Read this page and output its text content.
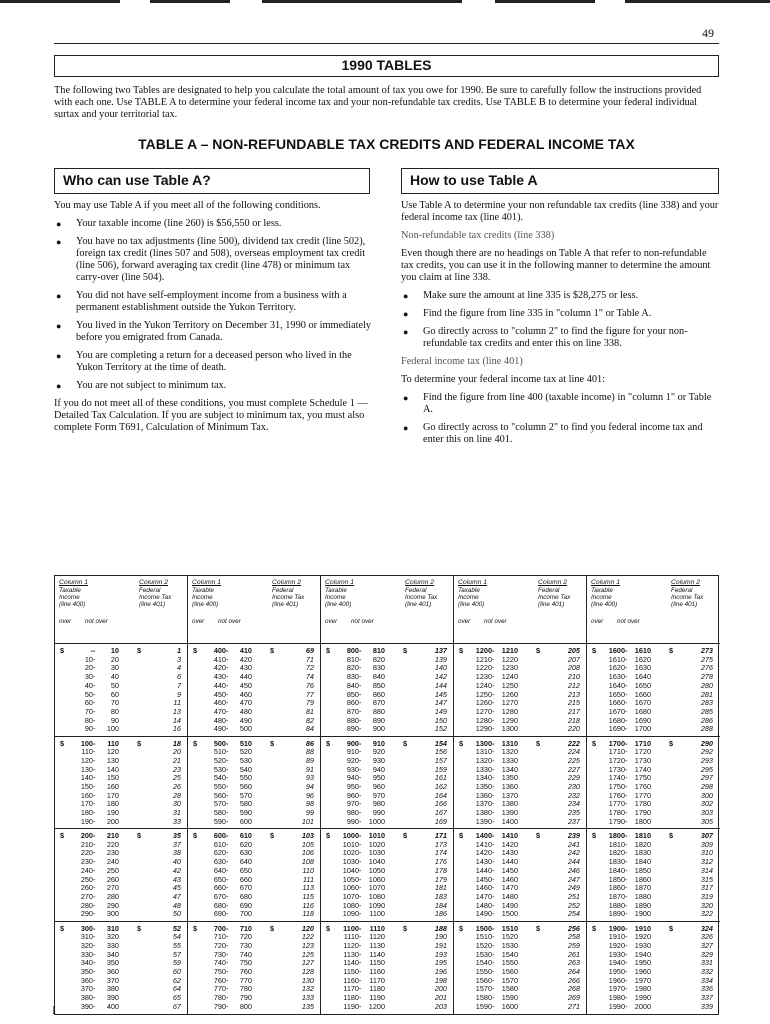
49
1990 TABLES
The following two Tables are designated to help you calculate the total amount of tax you owe for 1990. Be sure to carefully follow the instructions provided with each one. Use TABLE A to determine your federal income tax and your non-refundable tax credits. Use TABLE B to determine your federal individual surtax and your territorial tax.
TABLE A – NON-REFUNDABLE TAX CREDITS AND FEDERAL INCOME TAX
Who can use Table A?	How to use Table A
You may use Table A if you meet all of the following conditions.
● Your taxable income (line 260) is $56,550 or less.
● You have no tax adjustments (line 500), dividend tax credit (line 502), foreign tax credit (lines 507 and 508), overseas employment tax credit (line 506), forward averaging tax credit (line 478) or minimum tax carry-over (line 504).
● You did not have self-employment income from a business with a permanent establishment outside the Yukon Territory.
● You lived in the Yukon Territory on December 31, 1990 or immediately before you emigrated from Canada.
● You are completing a return for a deceased person who lived in the Yukon Territory at the time of death.
● You are not subject to minimum tax.
If you do not meet all of these conditions, you must complete Schedule 1 — Detailed Tax Calculation. If you are subject to minimum tax, you must also complete Form T691, Calculation of Minimum Tax.
Use Table A to determine your non refundable tax credits (line 338) and your federal income tax (line 401).
Non-refundable tax credits (line 338)
Even though there are no headings on Table A that refer to non-refundable tax credits, you can use it in the following manner to determine the amount you claim at line 338.
● Make sure the amount at line 335 is $28,275 or less.
● Find the figure from line 335 in "column 1" or Table A.
● Go directly across to "column 2" to find the figure for your non-refundable tax credits and enter this on line 338.
Federal income tax (line 401)
To determine your federal income tax at line 401:
● Find the figure from line 400 (taxable income) in "column 1" or Table A.
● Go directly across to "column 2" to find you federal income tax and enter this on line 401.
Column 1
Taxable
Income
(line 400)
Column 2
Federal
Income Tax
(line 401)
over not over
$	$
- -	10	1
10 -	20	3
20 -	30	4
30 -	40	6
40 -	50	7
50 -	60	9
60 -	70	11
70 -	80	13
80 -	90	14
90 -	100	16
$	$
100 -	110	18
110 -	120	20
120 -	130	21
130 -	140	23
140 -	150	25
150 -	160	26
160 -	170	28
170 -	180	30
180 -	190	31
190 -	200	33
$	$
200 -	210	35
210 -	220	37
220 -	230	38
230 -	240	40
240 -	250	42
250 -	260	43
260 -	270	45
270 -	280	47
280 -	290	48
290 -	300	50
$	$
300 -	310	52
310 -	320	54
320 -	330	55
330 -	340	57
340 -	350	59
350 -	360	60
360 -	370	62
370 -	380	64
380 -	390	65
390 -	400	67
Column 1
Taxable
Income
(line 400)
Column 2
Federal
Income Tax
(line 401)
over not over
$	$
400 -	410	69
410 -	420	71
420 -	430	72
430 -	440	74
440 -	450	76
450 -	460	77
460 -	470	79
470 -	480	81
480 -	490	82
490 -	500	84
$	$
500 -	510	86
510 -	520	88
520 -	530	89
530 -	540	91
540 -	550	93
550 -	560	94
560 -	570	96
570 -	580	98
580 -	590	99
590 -	600	101
$	$
600 -	610	103
610 -	620	105
620 -	630	106
630 -	640	108
640 -	650	110
650 -	660	111
660 -	670	113
670 -	680	115
680 -	690	116
690 -	700	118
$	$
700 -	710	120
710 -	720	122
720 -	730	123
730 -	740	125
740 -	750	127
750 -	760	128
760 -	770	130
770 -	780	132
780 -	790	133
790 -	800	135
Column 1
Taxable
Income
(line 400)
Column 2
Federal
Income Tax
(line 401)
over not over
$	$
800 -	810	137
810 -	820	139
820 -	830	140
830 -	840	142
840 -	850	144
850 -	860	145
860 -	870	147
870 -	880	149
880 -	890	150
890 -	900	152
$	$
900 -	910	154
910 -	920	156
920 -	930	157
930 -	940	159
940 -	950	161
950 -	960	162
960 -	970	164
970 -	980	166
980 -	990	167
990 -	1000	169
$	$
1000 -	1010	171
1010 -	1020	173
1020 -	1030	174
1030 -	1040	176
1040 -	1050	178
1050 -	1060	179
1060 -	1070	181
1070 -	1080	183
1080 -	1090	184
1090 -	1100	186
$	$
1100 -	1110	188
1110 -	1120	190
1120 -	1130	191
1130 -	1140	193
1140 -	1150	195
1150 -	1160	196
1160 -	1170	198
1170 -	1180	200
1180 -	1190	201
1190 -	1200	203
Column 1
Taxable
Income
(line 400)
Column 2
Federal
Income Tax
(line 401)
over not over
$	$
1200 -	1210	205
1210 -	1220	207
1220 -	1230	208
1230 -	1240	210
1240 -	1250	212
1250 -	1260	213
1260 -	1270	215
1270 -	1280	217
1280 -	1290	218
1290 -	1300	220
$	$
1300 -	1310	222
1310 -	1320	224
1320 -	1330	225
1330 -	1340	227
1340 -	1350	229
1350 -	1360	230
1360 -	1370	232
1370 -	1380	234
1380 -	1390	235
1390 -	1400	237
$	$
1400 -	1410	239
1410 -	1420	241
1420 -	1430	242
1430 -	1440	244
1440 -	1450	246
1450 -	1460	247
1460 -	1470	249
1470 -	1480	251
1480 -	1490	252
1490 -	1500	254
$	$
1500 -	1510	256
1510 -	1520	258
1520 -	1530	259
1530 -	1540	261
1540 -	1550	263
1550 -	1560	264
1560 -	1570	266
1570 -	1580	268
1580 -	1590	269
1590 -	1600	271
Column 1
Taxable
Income
(line 400)
Column 2
Federal
Income Tax
(line 401)
over not over
$	$
1600 -	1610	273
1610 -	1620	275
1620 -	1630	276
1630 -	1640	278
1640 -	1650	280
1650 -	1660	281
1660 -	1670	283
1670 -	1680	285
1680 -	1690	286
1690 -	1700	288
$	$
1700 -	1710	290
1710 -	1720	292
1720 -	1730	293
1730 -	1740	295
1740 -	1750	297
1750 -	1760	298
1760 -	1770	300
1770 -	1780	302
1780 -	1790	303
1790 -	1800	305
$	$
1800 -	1810	307
1810 -	1820	309
1820 -	1830	310
1830 -	1840	312
1840 -	1850	314
1850 -	1860	315
1860 -	1870	317
1870 -	1880	319
1880 -	1890	320
1890 -	1900	322
$	$
1900 -	1910	324
1910 -	1920	326
1920 -	1930	327
1930 -	1940	329
1940 -	1950	331
1950 -	1960	332
1960 -	1970	334
1970 -	1980	336
1980 -	1990	337
1990 -	2000	339
I
